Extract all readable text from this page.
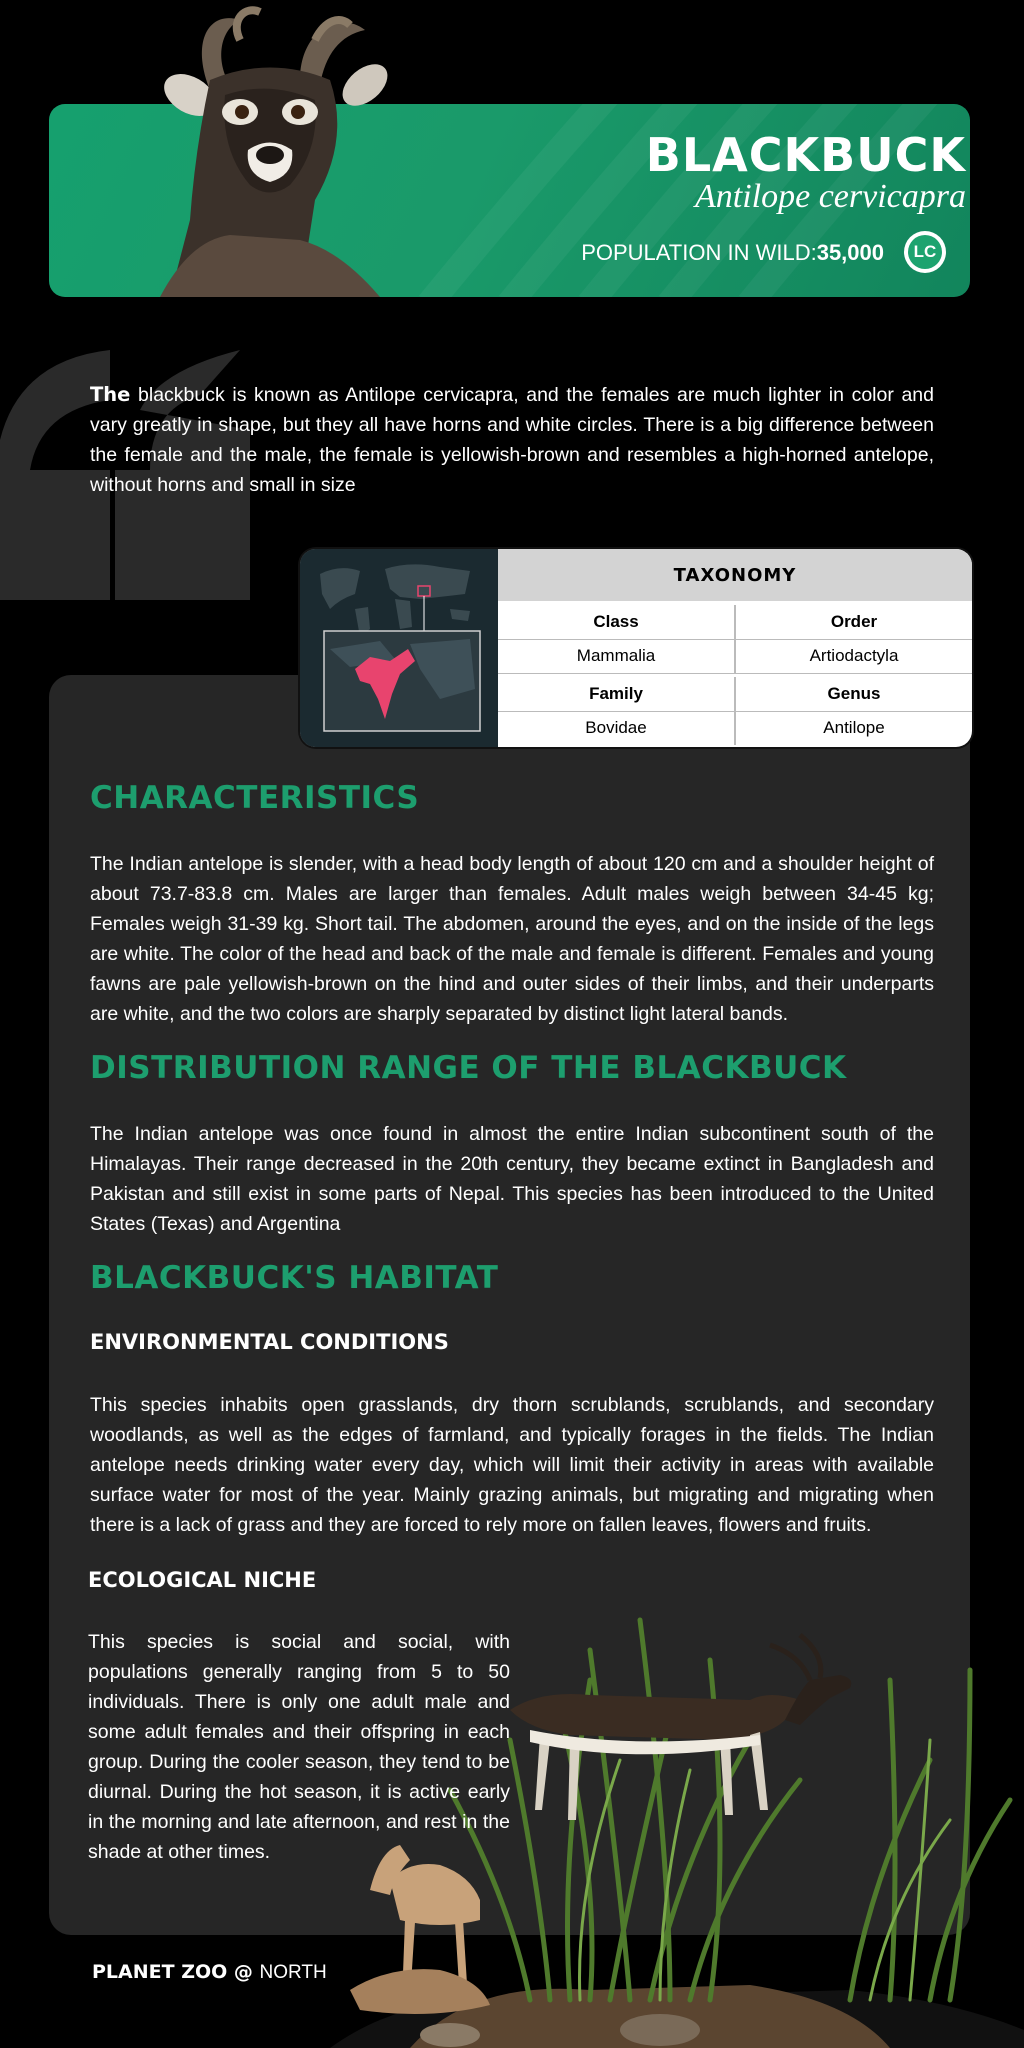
BLACKBUCK
Antilope cervicapra
POPULATION IN WILD:35,000	LC

The blackbuck is known as Antilope cervicapra, and the females are much lighter in color and vary greatly in shape, but they all have horns and white circles. There is a big difference between the female and the male, the female is yellowish-brown and resembles a high-horned antelope, without horns and small in size

TAXONOMY
Class	Order
Mammalia	Artiodactyla
Family	Genus
Bovidae	Antilope
CHARACTERISTICS

The Indian antelope is slender, with a head body length of about 120 cm and a shoulder height of about 73.7-83.8 cm. Males are larger than females. Adult males weigh between 34-45 kg; Females weigh 31-39 kg. Short tail. The abdomen, around the eyes, and on the inside of the legs are white. The color of the head and back of the male and female is different. Females and young fawns are pale yellowish-brown on the hind and outer sides of their limbs, and their underparts are white, and the two colors are sharply separated by distinct light lateral bands.

DISTRIBUTION RANGE OF THE BLACKBUCK

The Indian antelope was once found in almost the entire Indian subcontinent south of the Himalayas. Their range decreased in the 20th century, they became extinct in Bangladesh and Pakistan and still exist in some parts of Nepal. This species has been introduced to the United States (Texas) and Argentina

BLACKBUCK'S HABITAT
ENVIRONMENTAL CONDITIONS

This species inhabits open grasslands, dry thorn scrublands, scrublands, and secondary woodlands, as well as the edges of farmland, and typically forages in the fields. The Indian antelope needs drinking water every day, which will limit their activity in areas with available surface water for most of the year. Mainly grazing animals, but migrating and migrating when there is a lack of grass and they are forced to rely more on fallen leaves, flowers and fruits.

ECOLOGICAL NICHE

This species is social and social, with populations generally ranging from 5 to 50 individuals. There is only one adult male and some adult females and their offspring in each group. During the cooler season, they tend to be diurnal. During the hot season, it is active early in the morning and late afternoon, and rest in the shade at other times.

PLANET ZOO @ NORTH
